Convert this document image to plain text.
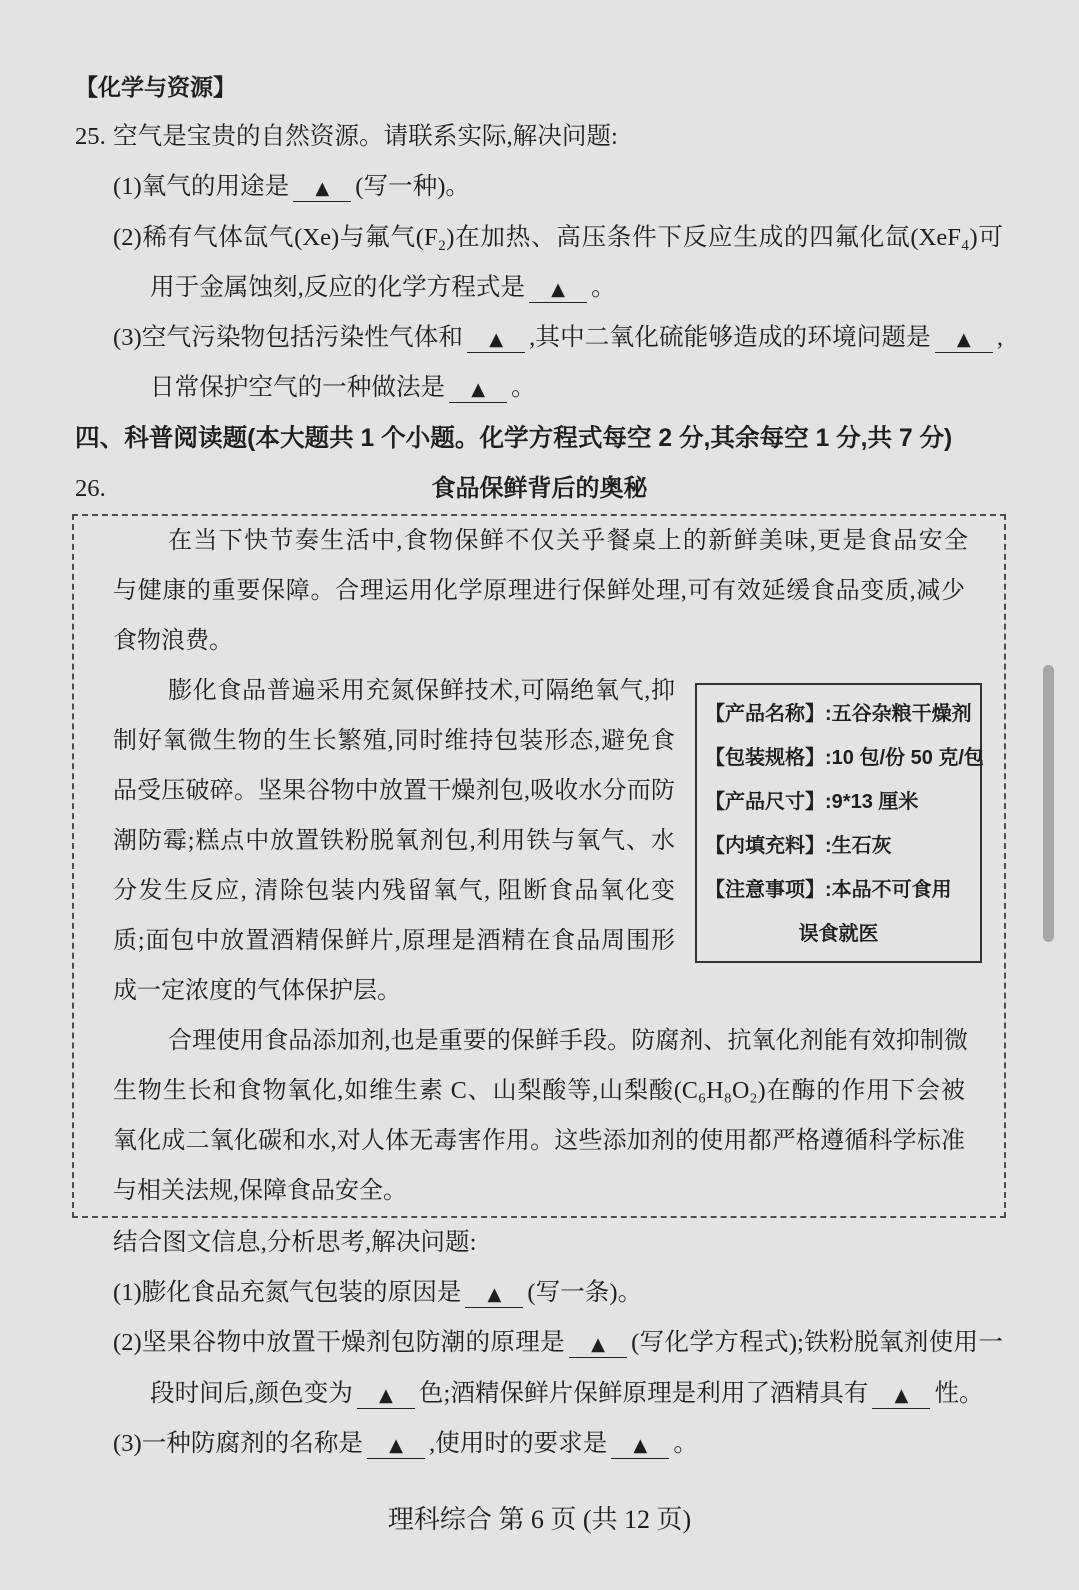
【化学与资源】
25. 空气是宝贵的自然资源。请联系实际,解决问题:
(1)氧气的用途是 ▲ (写一种)。
(2)稀有气体氙气(Xe)与氟气(F₂)在加热、高压条件下反应生成的四氟化氙(XeF₄)可
用于金属蚀刻,反应的化学方程式是 ▲ 。
(3)空气污染物包括污染性气体和 ▲ ,其中二氧化硫能够造成的环境问题是 ▲ ,
日常保护空气的一种做法是 ▲ 。
四、科普阅读题(本大题共 1 个小题。化学方程式每空 2 分,其余每空 1 分,共 7 分)
26.	食品保鲜背后的奥秘
在当下快节奏生活中,食物保鲜不仅关乎餐桌上的新鲜美味,更是食品安全
与健康的重要保障。合理运用化学原理进行保鲜处理,可有效延缓食品变质,减少
食物浪费。
膨化食品普遍采用充氮保鲜技术,可隔绝氧气,抑
制好氧微生物的生长繁殖,同时维持包装形态,避免食
品受压破碎。坚果谷物中放置干燥剂包,吸收水分而防
潮防霉;糕点中放置铁粉脱氧剂包,利用铁与氧气、水
分发生反应, 清除包装内残留氧气, 阻断食品氧化变
质;面包中放置酒精保鲜片,原理是酒精在食品周围形
成一定浓度的气体保护层。
合理使用食品添加剂,也是重要的保鲜手段。防腐剂、抗氧化剂能有效抑制微
生物生长和食物氧化,如维生素 C、山梨酸等,山梨酸(C₆H₈O₂)在酶的作用下会被
氧化成二氧化碳和水,对人体无毒害作用。这些添加剂的使用都严格遵循科学标准
与相关法规,保障食品安全。
【产品名称】:五谷杂粮干燥剂
【包装规格】:10 包/份 50 克/包
【产品尺寸】:9*13 厘米
【内填充料】:生石灰
【注意事项】:本品不可食用
误食就医
结合图文信息,分析思考,解决问题:
(1)膨化食品充氮气包装的原因是 ▲ (写一条)。
(2)坚果谷物中放置干燥剂包防潮的原理是 ▲ (写化学方程式);铁粉脱氧剂使用一
段时间后,颜色变为 ▲ 色;酒精保鲜片保鲜原理是利用了酒精具有 ▲ 性。
(3)一种防腐剂的名称是 ▲ ,使用时的要求是 ▲ 。
理科综合 第 6 页 (共 12 页)
